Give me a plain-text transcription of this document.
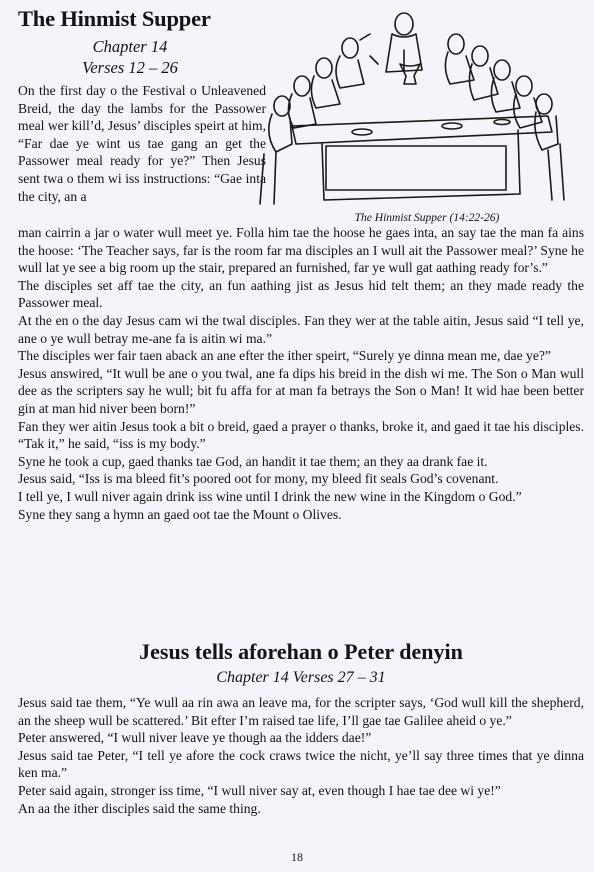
The Hinmist Supper

Chapter 14

Verses 12 – 26

On the first day o the Festival o Unleavened Breid, the day the lambs for the Passower meal wer kill’d, Jesus’ disciples speirt at him, “Far dae ye wint us tae gang an get the Passower meal ready for ye?” Then Jesus sent twa o them wi iss instructions: “Gae inta the city, an a

The Hinmist Supper (14:22-26)

man cairrin a jar o water wull meet ye. Folla him tae the hoose he gaes inta, an say tae the man fa ains the hoose: ‘The Teacher says, far is the room far ma disciples an I wull ait the Passower meal?’ Syne he wull lat ye see a big room up the stair, prepared an furnished, far ye wull gat aathing ready for’s.”

The disciples set aff tae the city, an fun aathing jist as Jesus hid telt them; an they made ready the Passower meal.

At the en o the day Jesus cam wi the twal disciples. Fan they wer at the table aitin, Jesus said “I tell ye, ane o ye wull betray me-ane fa is aitin wi ma.”

The disciples wer fair taen aback an ane efter the ither speirt, “Surely ye dinna mean me, dae ye?”

Jesus answired, “It wull be ane o you twal, ane fa dips his breid in the dish wi me. The Son o Man wull dee as the scripters say he wull; bit fu affa for at man fa betrays the Son o Man! It wid hae been better gin at man hid niver been born!”

Fan they wer aitin Jesus took a bit o breid, gaed a prayer o thanks, broke it, and gaed it tae his disciples. “Tak it,” he said, “iss is my body.”

Syne he took a cup, gaed thanks tae God, an handit it tae them; an they aa drank fae it.

Jesus said, “Iss is ma bleed fit’s poored oot for mony, my bleed fit seals God’s covenant.

I tell ye, I wull niver again drink iss wine until I drink the new wine in the Kingdom o God.”

Syne they sang a hymn an gaed oot tae the Mount o Olives.

Jesus tells aforehan o Peter denyin

Chapter 14 Verses 27 – 31

Jesus said tae them, “Ye wull aa rin awa an leave ma, for the scripter says, ‘God wull kill the shepherd, an the sheep wull be scattered.’ Bit efter I’m raised tae life, I’ll gae tae Galilee aheid o ye.”

Peter answered, “I wull niver leave ye though aa the idders dae!”

Jesus said tae Peter, “I tell ye afore the cock craws twice the nicht, ye’ll say three times that ye dinna ken ma.”

Peter said again, stronger iss time, “I wull niver say at, even though I hae tae dee wi ye!”

An aa the ither disciples said the same thing.

18
